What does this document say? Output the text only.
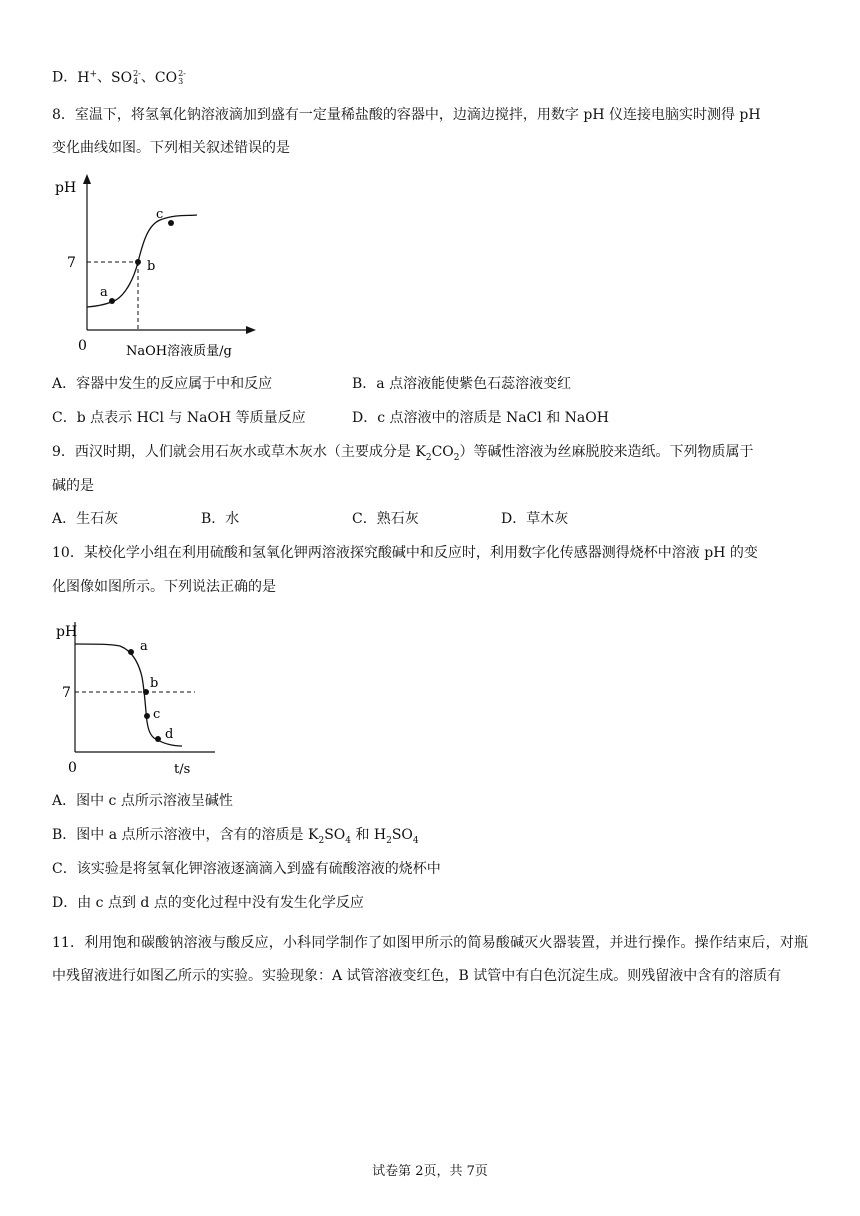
D．H+、SO2-
4 、CO2-
3
8．室温下，将氢氧化钠溶液滴加到盛有一定量稀盐酸的容器中，边滴边搅拌，用数字 pH 仪连接电脑实时测得 pH
变化曲线如图。下列相关叙述错误的是
pH
7
0	NaOH溶液质量/g
a
b
c
A．容器中发生的反应属于中和反应	B．a 点溶液能使紫色石蕊溶液变红
C．b 点表示 HCl 与 NaOH 等质量反应	D．c 点溶液中的溶质是 NaCl 和 NaOH
9．西汉时期，人们就会用石灰水或草木灰水（主要成分是 $K_2CO_2$）等碱性溶液为丝麻脱胶来造纸。下列物质属于
碱的是
A．生石灰	B．水	C．熟石灰	D．草木灰
10．某校化学小组在利用硫酸和氢氧化钾两溶液探究酸碱中和反应时，利用数字化传感器测得烧杯中溶液 pH 的变
化图像如图所示。下列说法正确的是
pH
7
0	t/s
a
b
c
d
A．图中 c 点所示溶液呈碱性
B．图中 a 点所示溶液中，含有的溶质是 $K_2SO_4$ 和 $H_2SO_4$
C．该实验是将氢氧化钾溶液逐滴滴入到盛有硫酸溶液的烧杯中
D．由 c 点到 d 点的变化过程中没有发生化学反应
11．利用饱和碳酸钠溶液与酸反应，小科同学制作了如图甲所示的简易酸碱灭火器装置，并进行操作。操作结束后，对瓶中残留液进行如图乙所示的实验。实验现象：A 试管溶液变红色，B 试管中有白色沉淀生成。则残留液中含有的溶质有
试卷第 2页，共 7页
